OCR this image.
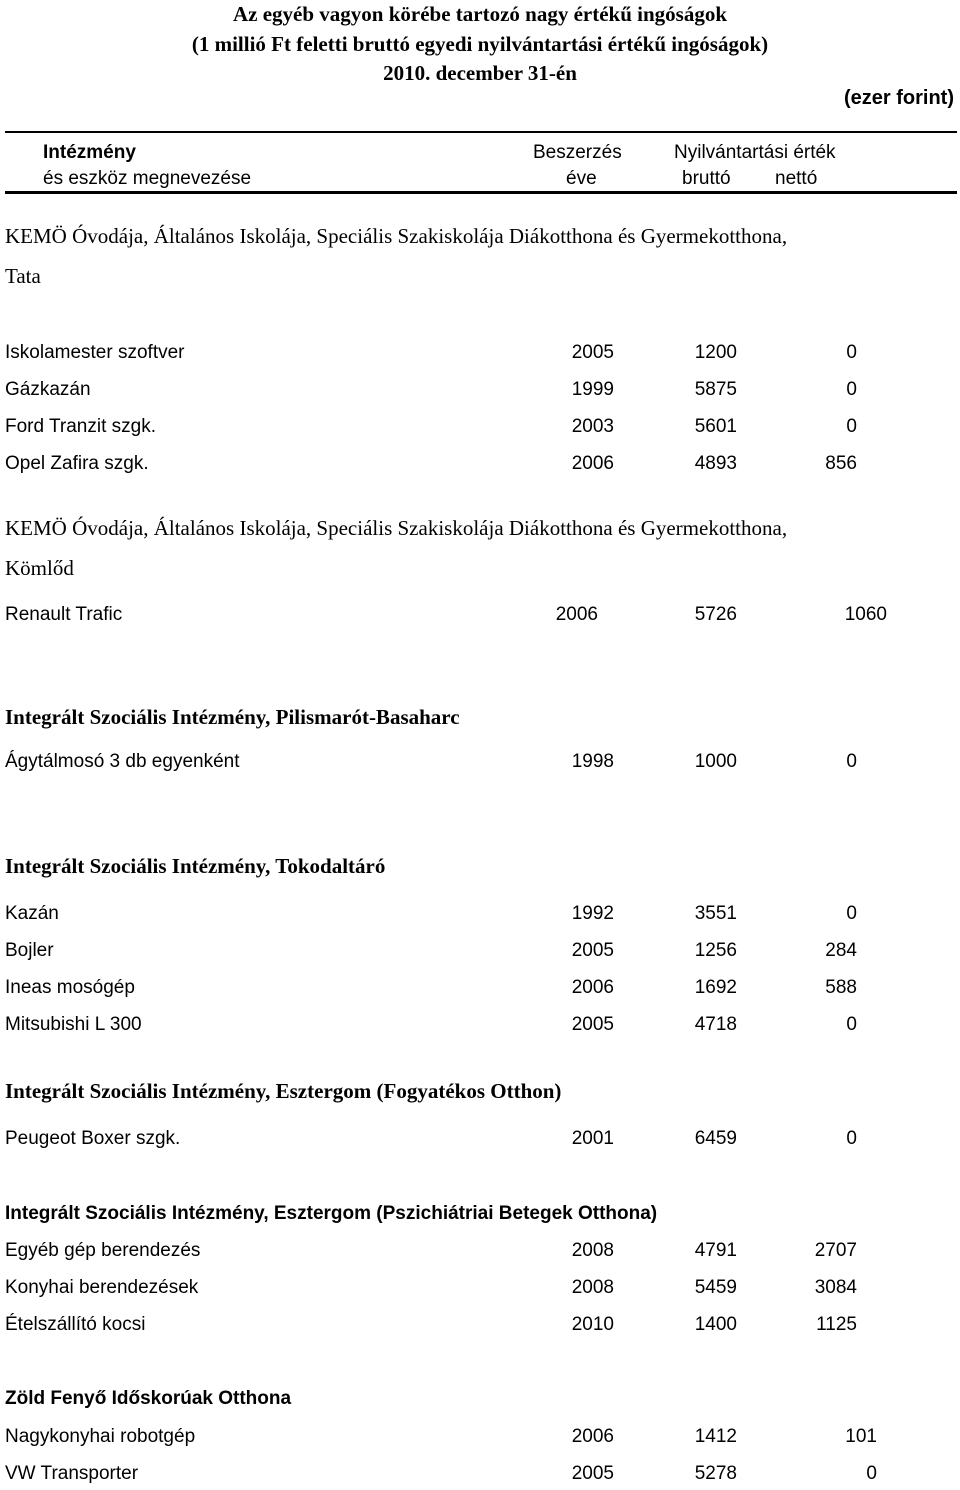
Az egyéb vagyon körébe tartozó nagy értékű ingóságok
(1 millió Ft feletti bruttó egyedi nyilvántartási értékű ingóságok)
2010. december 31-én
(ezer forint)
Intézmény
és eszköz megnevezése
Beszerzés
éve
Nyilvántartási érték
bruttó nettó
KEMÖ Óvodája, Általános Iskolája, Speciális Szakiskolája Diákotthona és Gyermekotthona,
Tata
Iskolamester szoftver	2005	1200	0
Gázkazán	1999	5875	0
Ford Tranzit szgk.	2003	5601	0
Opel Zafira szgk.	2006	4893	856
KEMÖ Óvodája, Általános Iskolája, Speciális Szakiskolája Diákotthona és Gyermekotthona,
Kömlőd
Renault Trafic	2006	5726	1060
Integrált Szociális Intézmény, Pilismarót-Basaharc
Ágytálmosó 3 db egyenként	1998	1000	0
Integrált Szociális Intézmény, Tokodaltáró
Kazán	1992	3551	0
Bojler	2005	1256	284
Ineas mosógép	2006	1692	588
Mitsubishi L 300	2005	4718	0
Integrált Szociális Intézmény, Esztergom (Fogyatékos Otthon)
Peugeot Boxer szgk.	2001	6459	0
Integrált Szociális Intézmény, Esztergom (Pszichiátriai Betegek Otthona)
Egyéb gép berendezés	2008	4791	2707
Konyhai berendezések	2008	5459	3084
Ételszállító kocsi	2010	1400	1125
Zöld Fenyő Időskorúak Otthona
Nagykonyhai robotgép	2006	1412	101
VW Transporter	2005	5278	0
